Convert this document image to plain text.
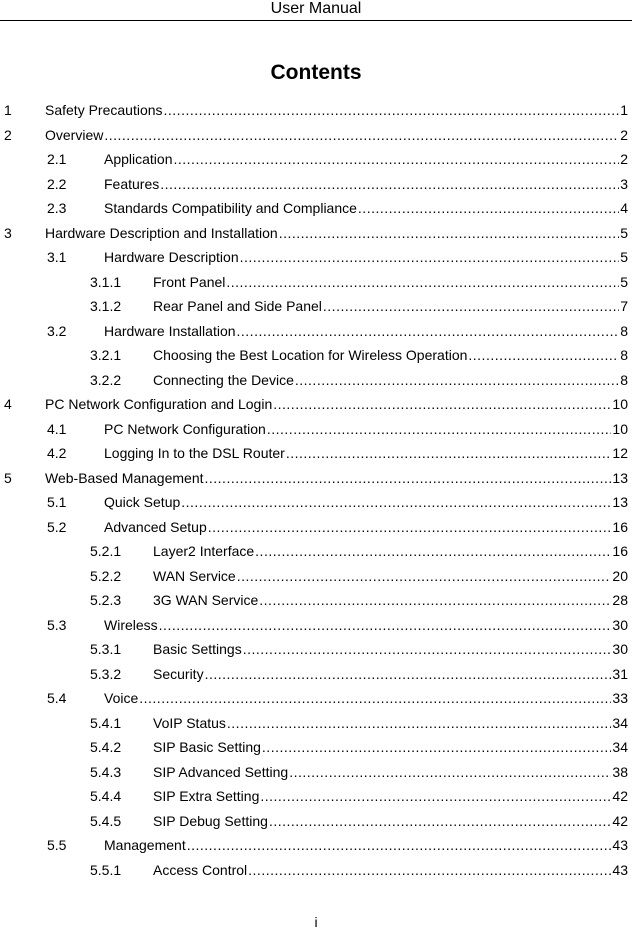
User Manual
Contents
1 Safety Precautions .....	1
2 Overview .....	2
2.1	Application .....	2
2.2	Features .....	3
2.3	Standards Compatibility and Compliance .....	4
3 Hardware Description and Installation .....	5
3.1	Hardware Description .....	5
3.1.1 Front Panel .....	5
3.1.2 Rear Panel and Side Panel .....	7
3.2	Hardware Installation .....	8
3.2.1 Choosing the Best Location for Wireless Operation .....	8
3.2.2 Connecting the Device .....	8
4 PC Network Configuration and Login .....	10
4.1	PC Network Configuration .....	10
4.2	Logging In to the DSL Router .....	12
5 Web-Based Management .....	13
5.1	Quick Setup .....	13
5.2	Advanced Setup .....	16
5.2.1 Layer2 Interface .....	16
5.2.2 WAN Service .....	20
5.2.3 3G WAN Service .....	28
5.3	Wireless .....	30
5.3.1 Basic Settings .....	30
5.3.2 Security .....	31
5.4	Voice .....	33
5.4.1 VoIP Status .....	34
5.4.2 SIP Basic Setting .....	34
5.4.3 SIP Advanced Setting .....	38
5.4.4 SIP Extra Setting .....	42
5.4.5 SIP Debug Setting .....	42
5.5	Management .....	43
5.5.1 Access Control .....	43
i
